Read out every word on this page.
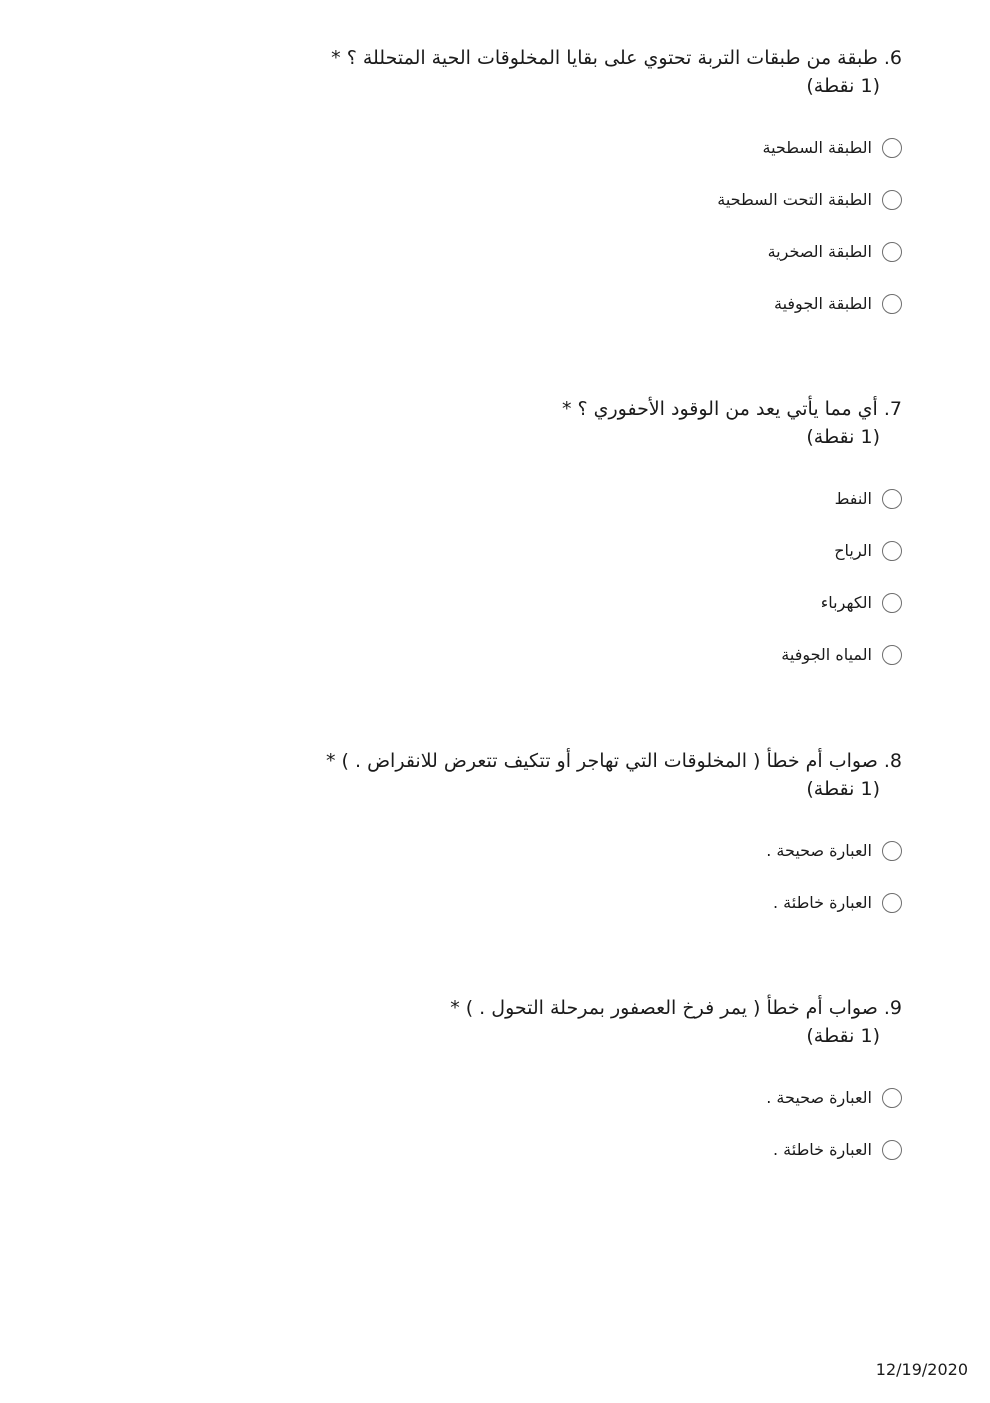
6. طبقة من طبقات التربة تحتوي على بقايا المخلوقات الحية المتحللة ؟ *
(1 نقطة)
الطبقة السطحية
الطبقة التحت السطحية
الطبقة الصخرية
الطبقة الجوفية
7. أي مما يأتي يعد من الوقود الأحفوري ؟ *
(1 نقطة)
النفط
الرياح
الكهرباء
المياه الجوفية
8. صواب أم خطأ ( المخلوقات التي تهاجر أو تتكيف تتعرض للانقراض . ) *
(1 نقطة)
العبارة صحيحة .
العبارة خاطئة .
9. صواب أم خطأ ( يمر فرخ العصفور بمرحلة التحول . ) *
(1 نقطة)
العبارة صحيحة .
العبارة خاطئة .
12/19/2020
